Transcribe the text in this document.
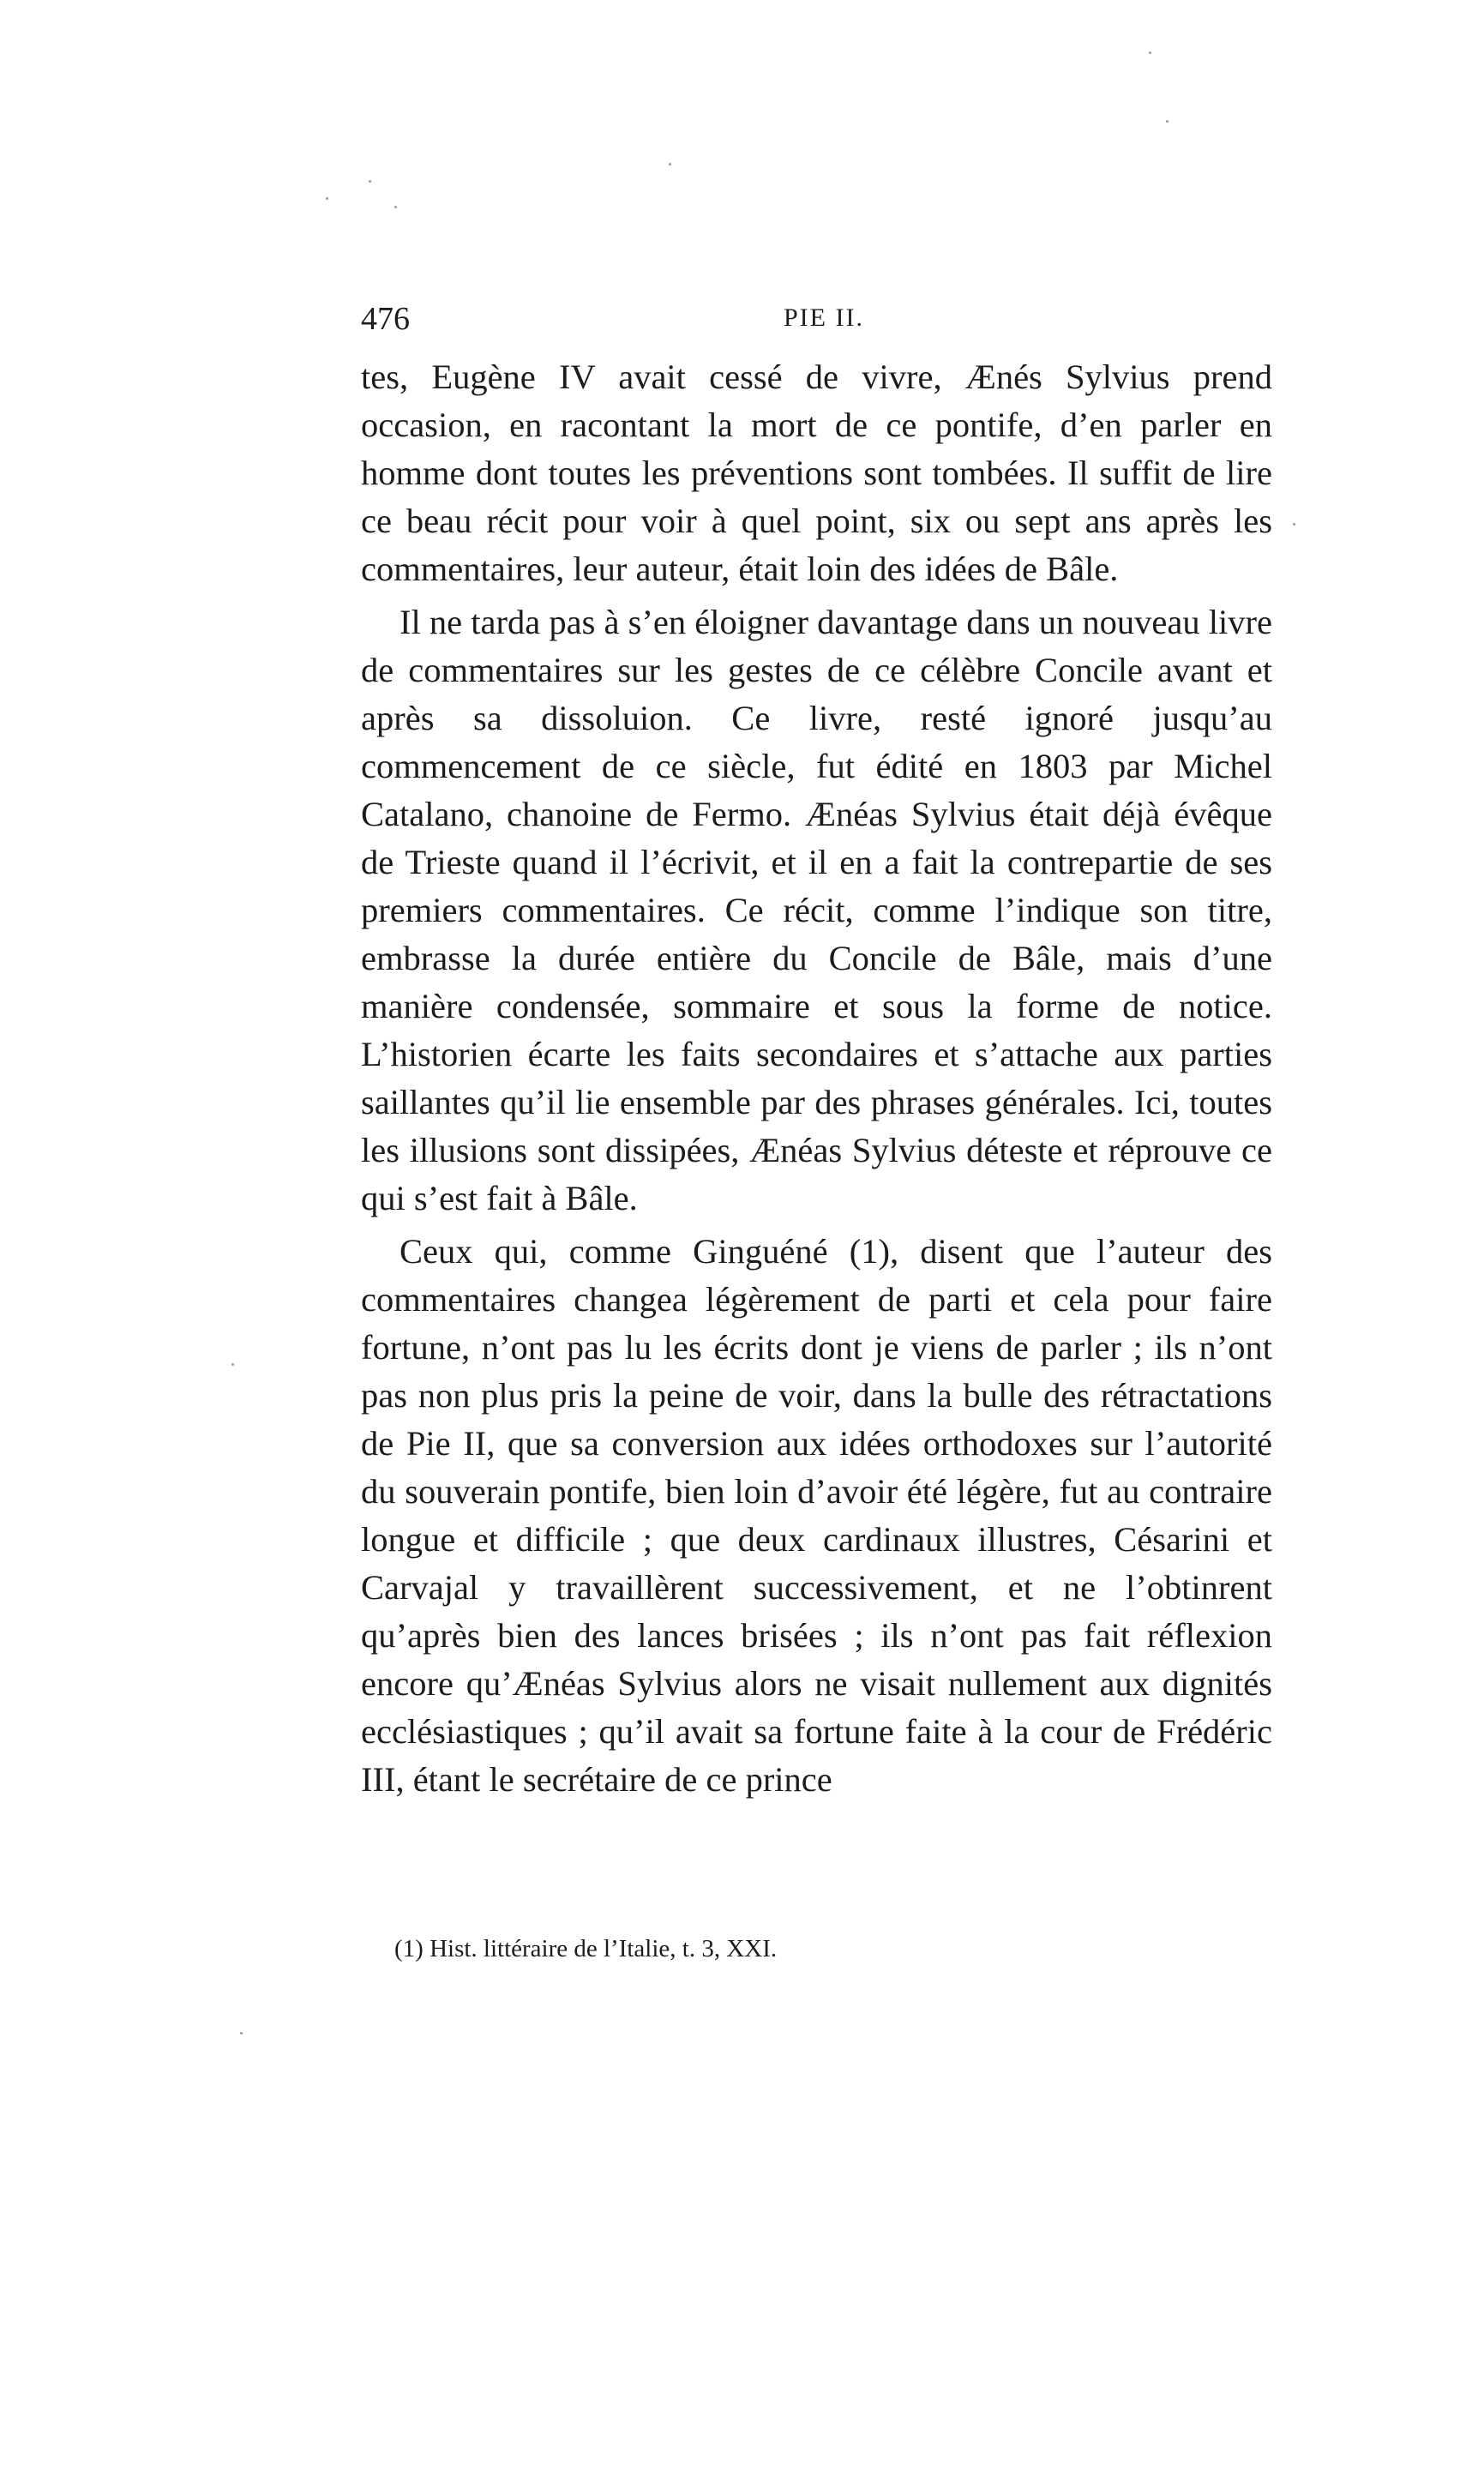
476	PIE II.

tes, Eugène IV avait cessé de vivre, Ænés Sylvius prend occasion, en racontant la mort de ce pontife, d’en parler en homme dont toutes les préventions sont tombées. Il suffit de lire ce beau récit pour voir à quel point, six ou sept ans après les commentaires, leur auteur, était loin des idées de Bâle.

Il ne tarda pas à s’en éloigner davantage dans un nouveau livre de commentaires sur les gestes de ce célèbre Concile avant et après sa dissoluion. Ce livre, resté ignoré jusqu’au commencement de ce siècle, fut édité en 1803 par Michel Catalano, chanoine de Fermo. Ænéas Sylvius était déjà évêque de Trieste quand il l’écrivit, et il en a fait la contrepartie de ses premiers commentaires. Ce récit, comme l’indique son titre, embrasse la durée entière du Concile de Bâle, mais d’une manière condensée, sommaire et sous la forme de notice. L’historien écarte les faits secondaires et s’attache aux parties saillantes qu’il lie ensemble par des phrases générales. Ici, toutes les illusions sont dissipées, Ænéas Sylvius déteste et réprouve ce qui s’est fait à Bâle.

Ceux qui, comme Ginguéné (1), disent que l’auteur des commentaires changea légèrement de parti et cela pour faire fortune, n’ont pas lu les écrits dont je viens de parler ; ils n’ont pas non plus pris la peine de voir, dans la bulle des rétractations de Pie II, que sa conversion aux idées orthodoxes sur l’autorité du souverain pontife, bien loin d’avoir été légère, fut au contraire longue et difficile ; que deux cardinaux illustres, Césarini et Carvajal y travaillèrent successivement, et ne l’obtinrent qu’après bien des lances brisées ; ils n’ont pas fait réflexion encore qu’Ænéas Sylvius alors ne visait nullement aux dignités ecclésiastiques ; qu’il avait sa fortune faite à la cour de Frédéric III, étant le secrétaire de ce prince

(1) Hist. littéraire de l’Italie, t. 3, XXI.
